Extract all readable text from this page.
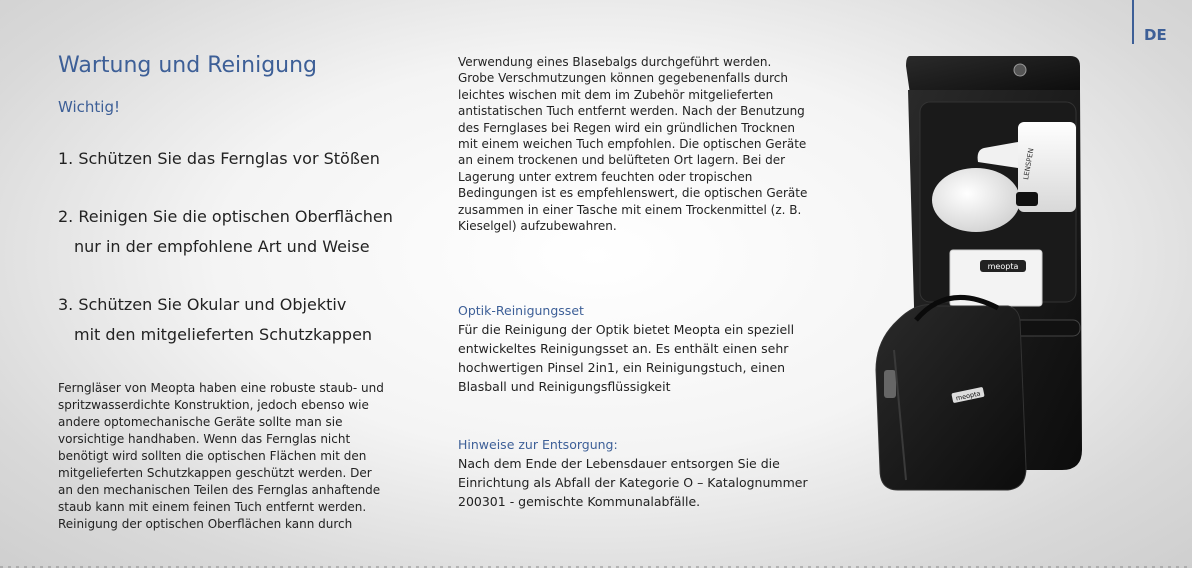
DE
Wartung und Reinigung
Wichtig!
1. Schützen Sie das Fernglas vor Stößen
2. Reinigen Sie die optischen Oberflächen
nur in der empfohlene Art und Weise
3. Schützen Sie Okular und Objektiv
mit den mitgelieferten Schutzkappen

Ferngläser von Meopta haben eine robuste staub- und spritzwasserdichte Konstruktion, jedoch ebenso wie andere optomechanische Geräte sollte man sie vorsichtige handhaben. Wenn das Fernglas nicht benötigt wird sollten die optischen Flächen mit den mitgelieferten Schutzkappen geschützt werden. Der an den mechanischen Teilen des Fernglas anhaftende staub kann mit einem feinen Tuch entfernt werden. Reinigung der optischen Oberflächen kann durch

Verwendung eines Blasebalgs durchgeführt werden. Grobe Verschmutzungen können gegebenenfalls durch leichtes wischen mit dem im Zubehör mitgelieferten antistatischen Tuch entfernt werden. Nach der Benutzung des Fernglases bei Regen wird ein gründlichen Trocknen mit einem weichen Tuch empfohlen. Die optischen Geräte an einem trockenen und belüfteten Ort lagern. Bei der Lagerung unter extrem feuchten oder tropischen Bedingungen ist es empfehlenswert, die optischen Geräte zusammen in einer Tasche mit einem Trockenmittel (z. B. Kieselgel) aufzubewahren.

Optik-Reinigungsset

Für die Reinigung der Optik bietet Meopta ein speziell entwickeltes Reinigungsset an. Es enthält einen sehr hochwertigen Pinsel 2in1, ein Reinigungstuch, einen Blasball und Reinigungsflüssigkeit

Hinweise zur Entsorgung:

Nach dem Ende der Lebensdauer entsorgen Sie die Einrichtung als Abfall der Kategorie O – Katalognummer 200301 - gemischte Kommunalabfälle.

LENSPEN
meopta
meopta
